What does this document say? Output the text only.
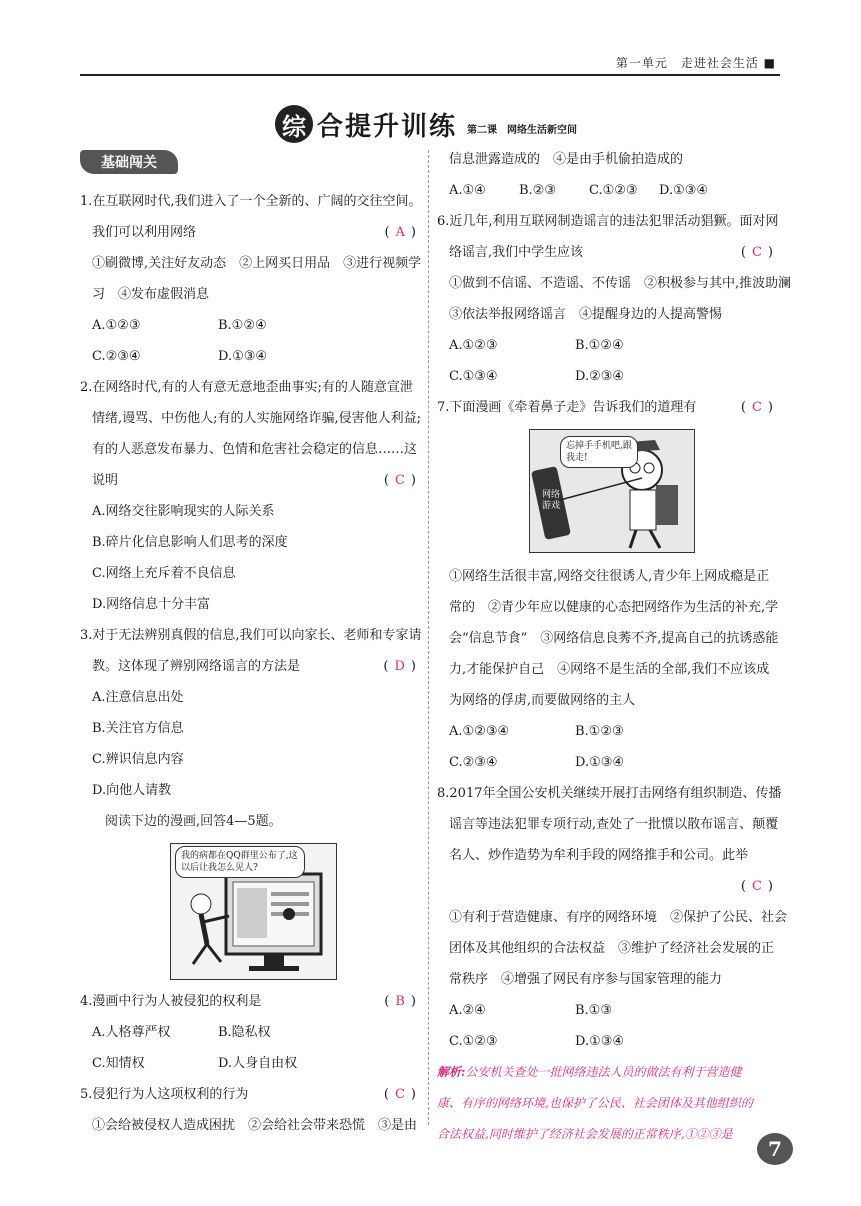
第一单元　走进社会生活 ■
综 合提升训练 第二课　网络生活新空间
基础闯关
1.在互联网时代,我们进入了一个全新的、广阔的交往空间。
我们可以利用网络	( A )
①刷微博,关注好友动态　②上网买日用品　③进行视频学
习　④发布虚假消息
A.①②③	B.①②④
C.②③④	D.①③④
2.在网络时代,有的人有意无意地歪曲事实;有的人随意宣泄
情绪,谩骂、中伤他人;有的人实施网络诈骗,侵害他人利益;
有的人恶意发布暴力、色情和危害社会稳定的信息……这
说明	( C )
A.网络交往影响现实的人际关系
B.碎片化信息影响人们思考的深度
C.网络上充斥着不良信息
D.网络信息十分丰富
3.对于无法辨别真假的信息,我们可以向家长、老师和专家请
教。这体现了辨别网络谣言的方法是	( D )
A.注意信息出处
B.关注官方信息
C.辨识信息内容
D.向他人请教
阅读下边的漫画,回答4—5题。
我的病都在QQ群里公布了,这以后让我怎么见人?
4.漫画中行为人被侵犯的权利是	( B )
A.人格尊严权	B.隐私权
C.知情权	D.人身自由权
5.侵犯行为人这项权利的行为	( C )
①会给被侵权人造成困扰　②会给社会带来恐慌　③是由
信息泄露造成的　④是由手机偷拍造成的
A.①④	B.②③	C.①②③	D.①③④
6.近几年,利用互联网制造谣言的违法犯罪活动猖獗。面对网
络谣言,我们中学生应该	( C )
①做到不信谣、不造谣、不传谣　②积极参与其中,推波助澜
③依法举报网络谣言　④提醒身边的人提高警惕
A.①②③	B.①②④
C.①③④	D.②③④
7.下面漫画《牵着鼻子走》告诉我们的道理有	( C )
忘掉手手机吧,跟我走!
网络游戏
①网络生活很丰富,网络交往很诱人,青少年上网成瘾是正
常的　②青少年应以健康的心态把网络作为生活的补充,学
会“信息节食”　③网络信息良莠不齐,提高自己的抗诱惑能
力,才能保护自己　④网络不是生活的全部,我们不应该成
为网络的俘虏,而要做网络的主人
A.①②③④	B.①②③
C.②③④	D.①③④
8.2017年全国公安机关继续开展打击网络有组织制造、传播
谣言等违法犯罪专项行动,查处了一批惯以散布谣言、颠覆
名人、炒作造势为牟利手段的网络推手和公司。此举

( C )
①有利于营造健康、有序的网络环境　②保护了公民、社会
团体及其他组织的合法权益　③维护了经济社会发展的正
常秩序　④增强了网民有序参与国家管理的能力
A.②④	B.①③
C.①②③	D.①③④
解析:公安机关查处一批网络违法人员的做法有利于营造健
康、有序的网络环境,也保护了公民、社会团体及其他组织的
合法权益,同时维护了经济社会发展的正常秩序,①②③是
7
